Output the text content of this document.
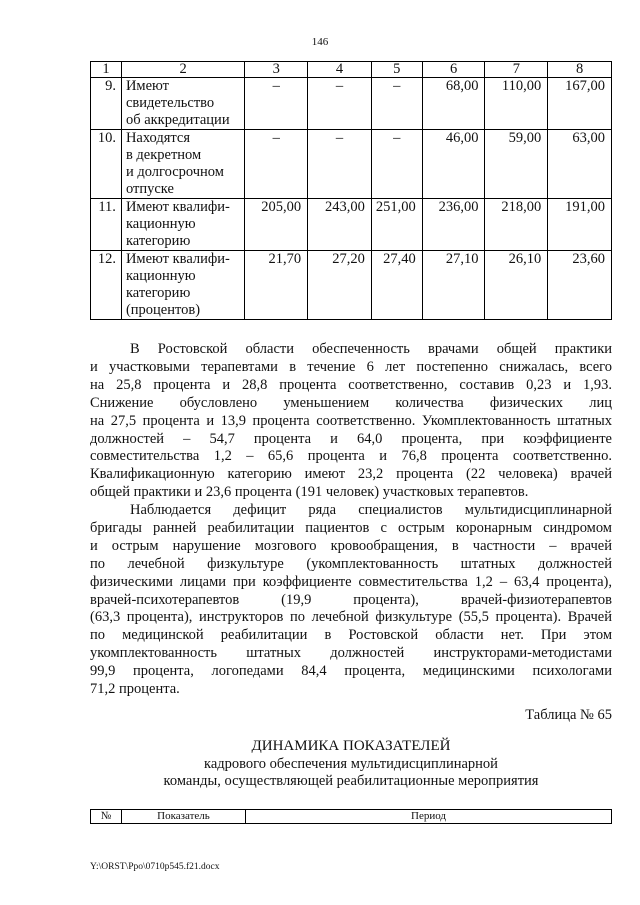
146
1	2	3	4	5	6	7	8
9.	Имеют
свидетельство
об аккредитации	–	–	–	68,00	110,00	167,00
10.	Находятся
в декретном
и долгосрочном
отпуске	–	–	–	46,00	59,00	63,00
11.	Имеют квалифи-
кационную
категорию	205,00	243,00	251,00	236,00	218,00	191,00
12.	Имеют квалифи-
кационную
категорию
(процентов)	21,70	27,20	27,40	27,10	26,10	23,60
В Ростовской области обеспеченность врачами общей практики
и участковыми терапевтами в течение 6 лет постепенно снижалась, всего
на 25,8 процента и 28,8 процента соответственно, составив 0,23 и 1,93.
Снижение обусловлено уменьшением количества физических лиц
на 27,5 процента и 13,9 процента соответственно. Укомплектованность штатных
должностей – 54,7 процента и 64,0 процента, при коэффициенте
совместительства 1,2 – 65,6 процента и 76,8 процента соответственно.
Квалификационную категорию имеют 23,2 процента (22 человека) врачей
общей практики и 23,6 процента (191 человек) участковых терапевтов.
Наблюдается дефицит ряда специалистов мультидисциплинарной
бригады ранней реабилитации пациентов с острым коронарным синдромом
и острым нарушение мозгового кровообращения, в частности – врачей
по лечебной физкультуре (укомплектованность штатных должностей
физическими лицами при коэффициенте совместительства 1,2 – 63,4 процента),
врачей-психотерапевтов (19,9 процента), врачей-физиотерапевтов
(63,3 процента), инструкторов по лечебной физкультуре (55,5 процента). Врачей
по медицинской реабилитации в Ростовской области нет. При этом
укомплектованность штатных должностей инструкторами-методистами
99,9 процента, логопедами 84,4 процента, медицинскими психологами
71,2 процента.
Таблица № 65
ДИНАМИКА ПОКАЗАТЕЛЕЙ
кадрового обеспечения мультидисциплинарной
команды, осуществляющей реабилитационные мероприятия
№	Показатель	Период
Y:\ORST\Ppo\0710p545.f21.docx
